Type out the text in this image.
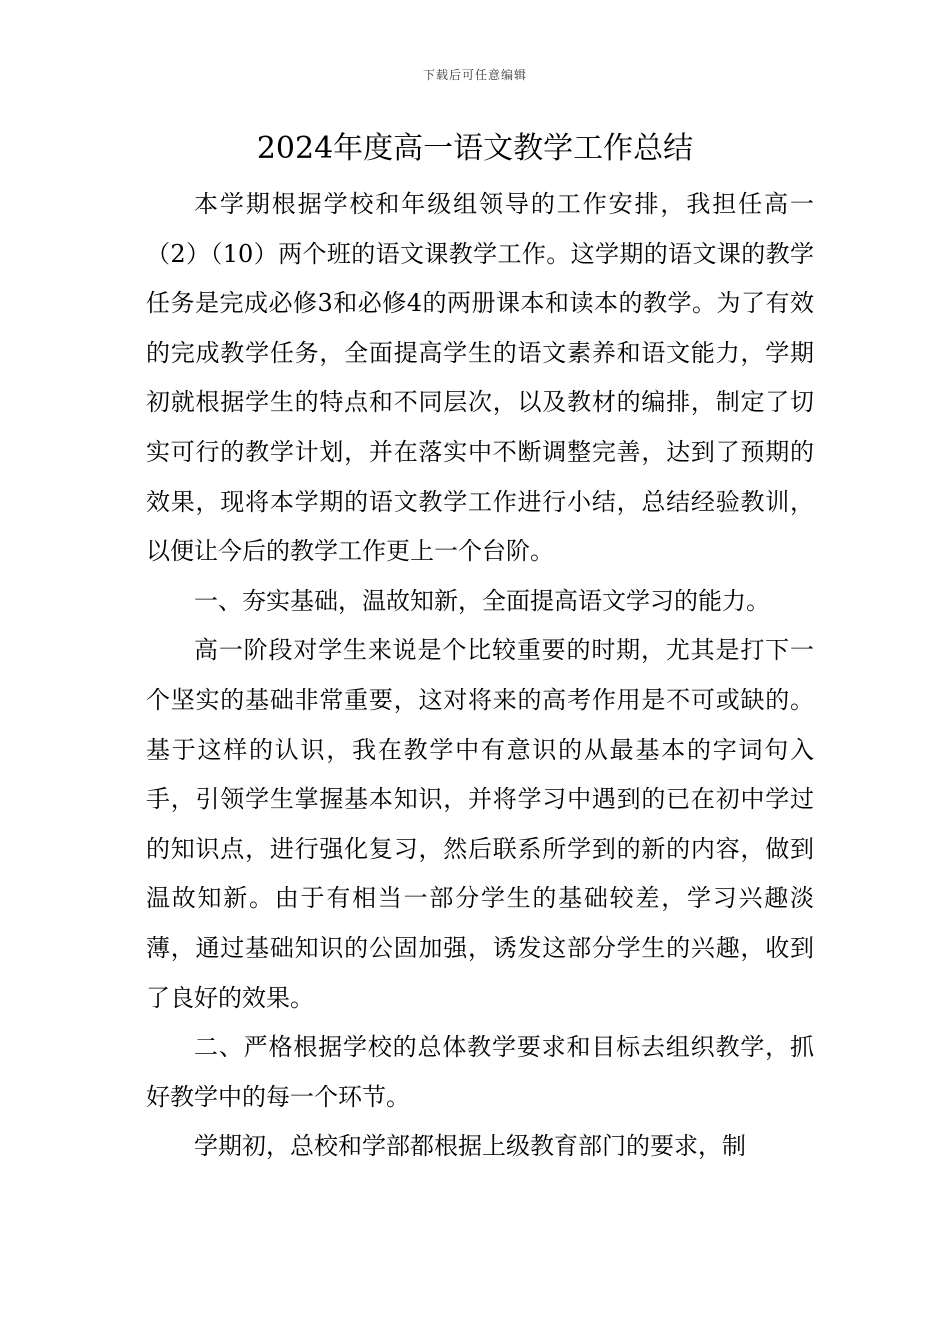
下载后可任意编辑
2024年度高一语文教学工作总结

本学期根据学校和年级组领导的工作安排，我担任高一（2）（10）两个班的语文课教学工作。这学期的语文课的教学任务是完成必修3和必修4的两册课本和读本的教学。为了有效的完成教学任务，全面提高学生的语文素养和语文能力，学期初就根据学生的特点和不同层次，以及教材的编排，制定了切实可行的教学计划，并在落实中不断调整完善，达到了预期的效果，现将本学期的语文教学工作进行小结，总结经验教训，以便让今后的教学工作更上一个台阶。

一、夯实基础，温故知新，全面提高语文学习的能力。

高一阶段对学生来说是个比较重要的时期，尤其是打下一个坚实的基础非常重要，这对将来的高考作用是不可或缺的。基于这样的认识，我在教学中有意识的从最基本的字词句入手，引领学生掌握基本知识，并将学习中遇到的已在初中学过的知识点，进行强化复习，然后联系所学到的新的内容，做到温故知新。由于有相当一部分学生的基础较差，学习兴趣淡薄，通过基础知识的公固加强，诱发这部分学生的兴趣，收到了良好的效果。

二、严格根据学校的总体教学要求和目标去组织教学，抓好教学中的每一个环节。

学期初，总校和学部都根据上级教育部门的要求，制
